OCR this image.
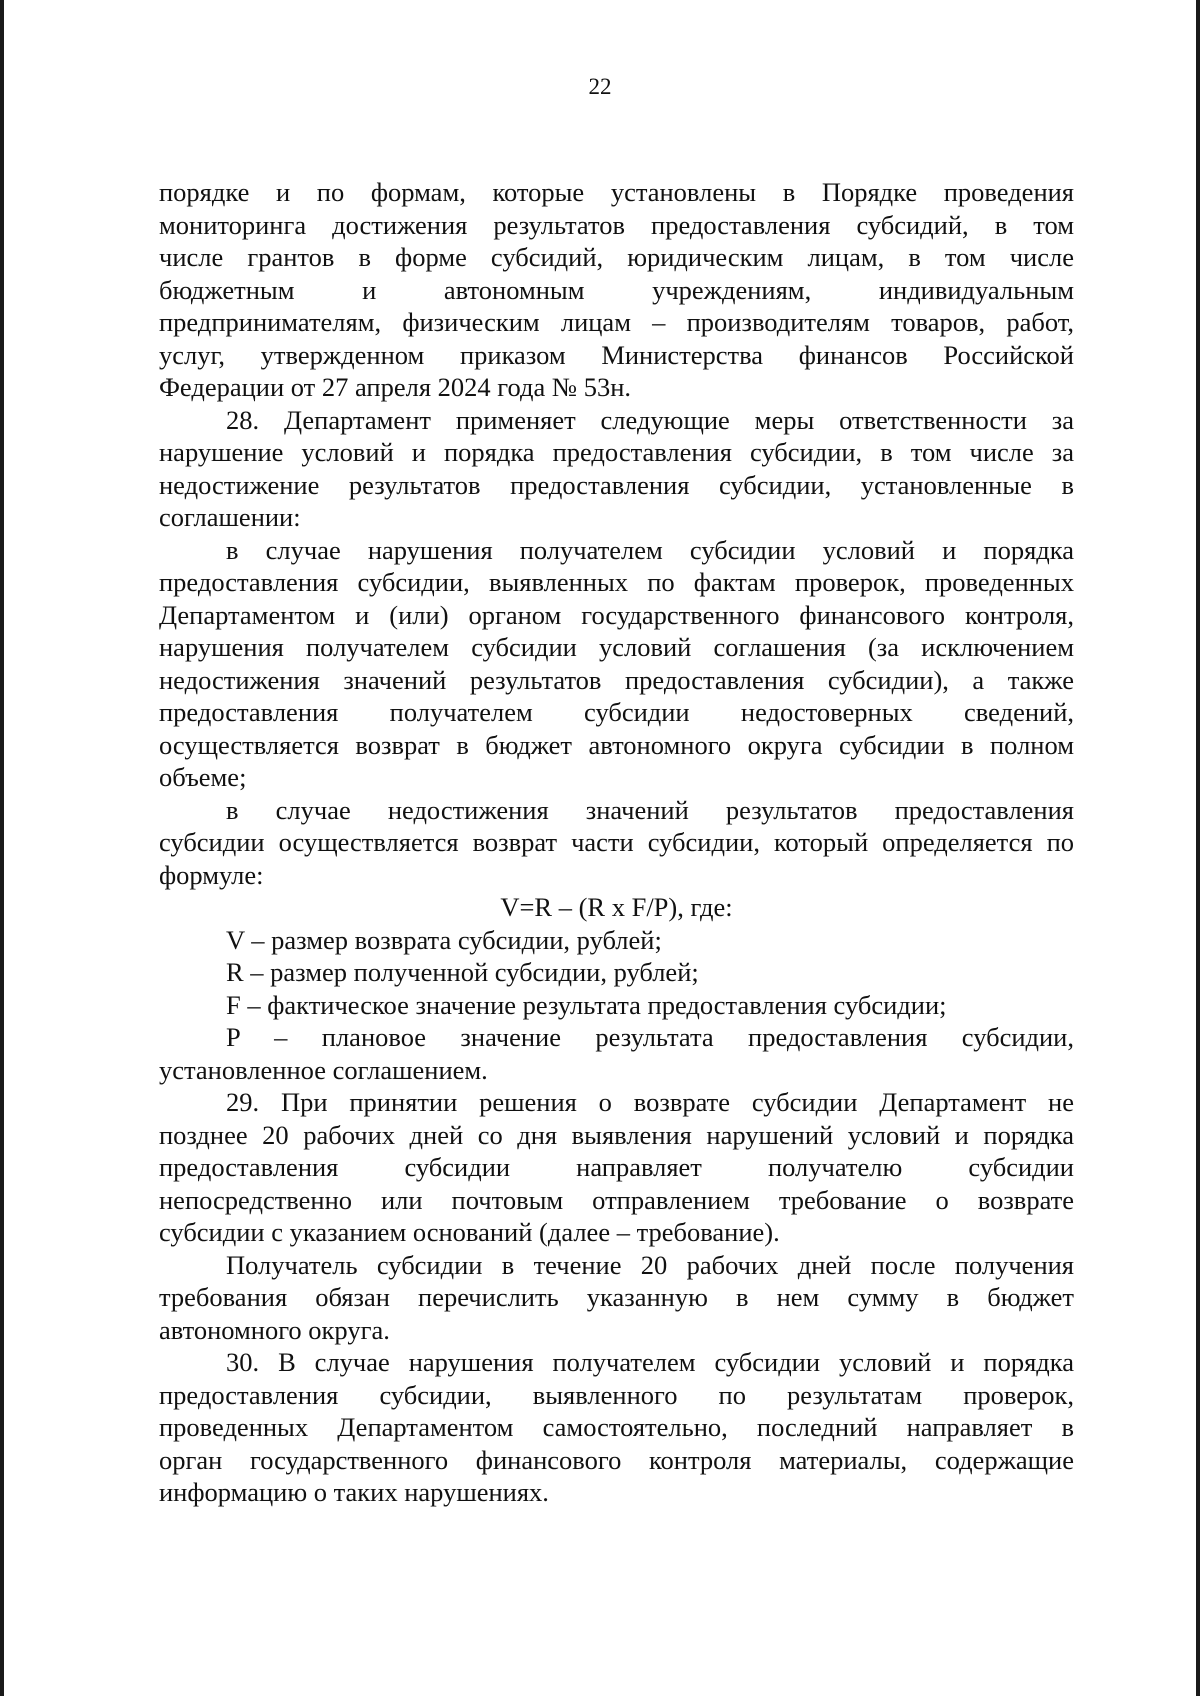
22
порядке и по формам, которые установлены в Порядке проведения
мониторинга достижения результатов предоставления субсидий, в том
числе грантов в форме субсидий, юридическим лицам, в том числе
бюджетным и автономным учреждениям, индивидуальным
предпринимателям, физическим лицам – производителям товаров, работ,
услуг, утвержденном приказом Министерства финансов Российской
Федерации от 27 апреля 2024 года № 53н.
28. Департамент применяет следующие меры ответственности за
нарушение условий и порядка предоставления субсидии, в том числе за
недостижение результатов предоставления субсидии, установленные в
соглашении:
в случае нарушения получателем субсидии условий и порядка
предоставления субсидии, выявленных по фактам проверок, проведенных
Департаментом и (или) органом государственного финансового контроля,
нарушения получателем субсидии условий соглашения (за исключением
недостижения значений результатов предоставления субсидии), а также
предоставления получателем субсидии недостоверных сведений,
осуществляется возврат в бюджет автономного округа субсидии в полном
объеме;
в случае недостижения значений результатов предоставления
субсидии осуществляется возврат части субсидии, который определяется по
формуле:
V=R – (R x F/P), где:
V – размер возврата субсидии, рублей;
R – размер полученной субсидии, рублей;
F – фактическое значение результата предоставления субсидии;
P – плановое значение результата предоставления субсидии,
установленное соглашением.
29. При принятии решения о возврате субсидии Департамент не
позднее 20 рабочих дней со дня выявления нарушений условий и порядка
предоставления субсидии направляет получателю субсидии
непосредственно или почтовым отправлением требование о возврате
субсидии с указанием оснований (далее – требование).
Получатель субсидии в течение 20 рабочих дней после получения
требования обязан перечислить указанную в нем сумму в бюджет
автономного округа.
30. В случае нарушения получателем субсидии условий и порядка
предоставления субсидии, выявленного по результатам проверок,
проведенных Департаментом самостоятельно, последний направляет в
орган государственного финансового контроля материалы, содержащие
информацию о таких нарушениях.
